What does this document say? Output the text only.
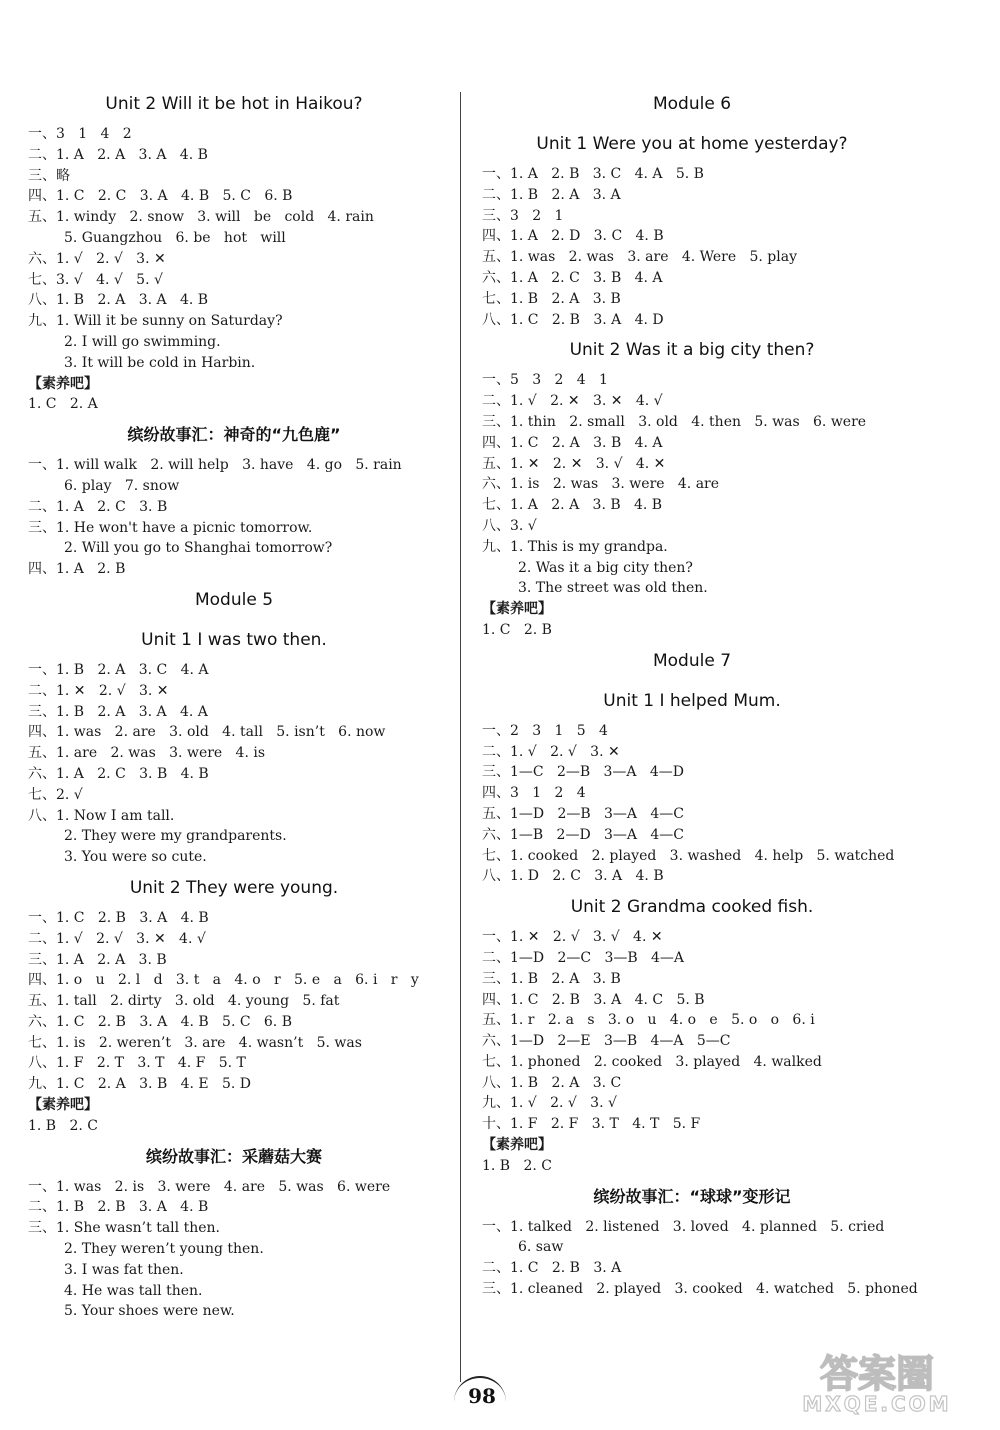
Unit 2 Will it be hot in Haikou?
一、3   1   4   2
二、1. A   2. A   3. A   4. B
三、略
四、1. C   2. C   3. A   4. B   5. C   6. B
五、1. windy   2. snow   3. will   be   cold   4. rain
5. Guangzhou   6. be   hot   will
六、1. √   2. √   3. ✕
七、3. √   4. √   5. √
八、1. B   2. A   3. A   4. B
九、1. Will it be sunny on Saturday?
2. I will go swimming.
3. It will be cold in Harbin.
【素养吧】
1. C   2. A
缤纷故事汇：神奇的“九色鹿”
一、1. will walk   2. will help   3. have   4. go   5. rain
6. play   7. snow
二、1. A   2. C   3. B
三、1. He won't have a picnic tomorrow.
2. Will you go to Shanghai tomorrow?
四、1. A   2. B
Module 5
Unit 1 I was two then.
一、1. B   2. A   3. C   4. A
二、1. ✕   2. √   3. ✕
三、1. B   2. A   3. A   4. A
四、1. was   2. are   3. old   4. tall   5. isn’t   6. now
五、1. are   2. was   3. were   4. is
六、1. A   2. C   3. B   4. B
七、2. √
八、1. Now I am tall.
2. They were my grandparents.
3. You were so cute.
Unit 2 They were young.
一、1. C   2. B   3. A   4. B
二、1. √   2. √   3. ✕   4. √
三、1. A   2. A   3. B
四、1. o   u   2. l   d   3. t   a   4. o   r   5. e   a   6. i   r   y
五、1. tall   2. dirty   3. old   4. young   5. fat
六、1. C   2. B   3. A   4. B   5. C   6. B
七、1. is   2. weren’t   3. are   4. wasn’t   5. was
八、1. F   2. T   3. T   4. F   5. T
九、1. C   2. A   3. B   4. E   5. D
【素养吧】
1. B   2. C
缤纷故事汇：采蘑菇大赛
一、1. was   2. is   3. were   4. are   5. was   6. were
二、1. B   2. B   3. A   4. B
三、1. She wasn’t tall then.
2. They weren’t young then.
3. I was fat then.
4. He was tall then.
5. Your shoes were new.
Module 6
Unit 1 Were you at home yesterday?
一、1. A   2. B   3. C   4. A   5. B
二、1. B   2. A   3. A
三、3   2   1
四、1. A   2. D   3. C   4. B
五、1. was   2. was   3. are   4. Were   5. play
六、1. A   2. C   3. B   4. A
七、1. B   2. A   3. B
八、1. C   2. B   3. A   4. D
Unit 2 Was it a big city then?
一、5   3   2   4   1
二、1. √   2. ✕   3. ✕   4. √
三、1. thin   2. small   3. old   4. then   5. was   6. were
四、1. C   2. A   3. B   4. A
五、1. ✕   2. ✕   3. √   4. ✕
六、1. is   2. was   3. were   4. are
七、1. A   2. A   3. B   4. B
八、3. √
九、1. This is my grandpa.
2. Was it a big city then?
3. The street was old then.
【素养吧】
1. C   2. B
Module 7
Unit 1 I helped Mum.
一、2   3   1   5   4
二、1. √   2. √   3. ✕
三、1—C   2—B   3—A   4—D
四、3   1   2   4
五、1—D   2—B   3—A   4—C
六、1—B   2—D   3—A   4—C
七、1. cooked   2. played   3. washed   4. help   5. watched
八、1. D   2. C   3. A   4. B
Unit 2 Grandma cooked fish.
一、1. ✕   2. √   3. √   4. ✕
二、1—D   2—C   3—B   4—A
三、1. B   2. A   3. B
四、1. C   2. B   3. A   4. C   5. B
五、1. r   2. a   s   3. o   u   4. o   e   5. o   o   6. i
六、1—D   2—E   3—B   4—A   5—C
七、1. phoned   2. cooked   3. played   4. walked
八、1. B   2. A   3. C
九、1. √   2. √   3. √
十、1. F   2. F   3. T   4. T   5. F
【素养吧】
1. B   2. C
缤纷故事汇：“球球”变形记
一、1. talked   2. listened   3. loved   4. planned   5. cried
6. saw
二、1. C   2. B   3. A
三、1. cleaned   2. played   3. cooked   4. watched   5. phoned
98	答案圈
MXQE.COM
